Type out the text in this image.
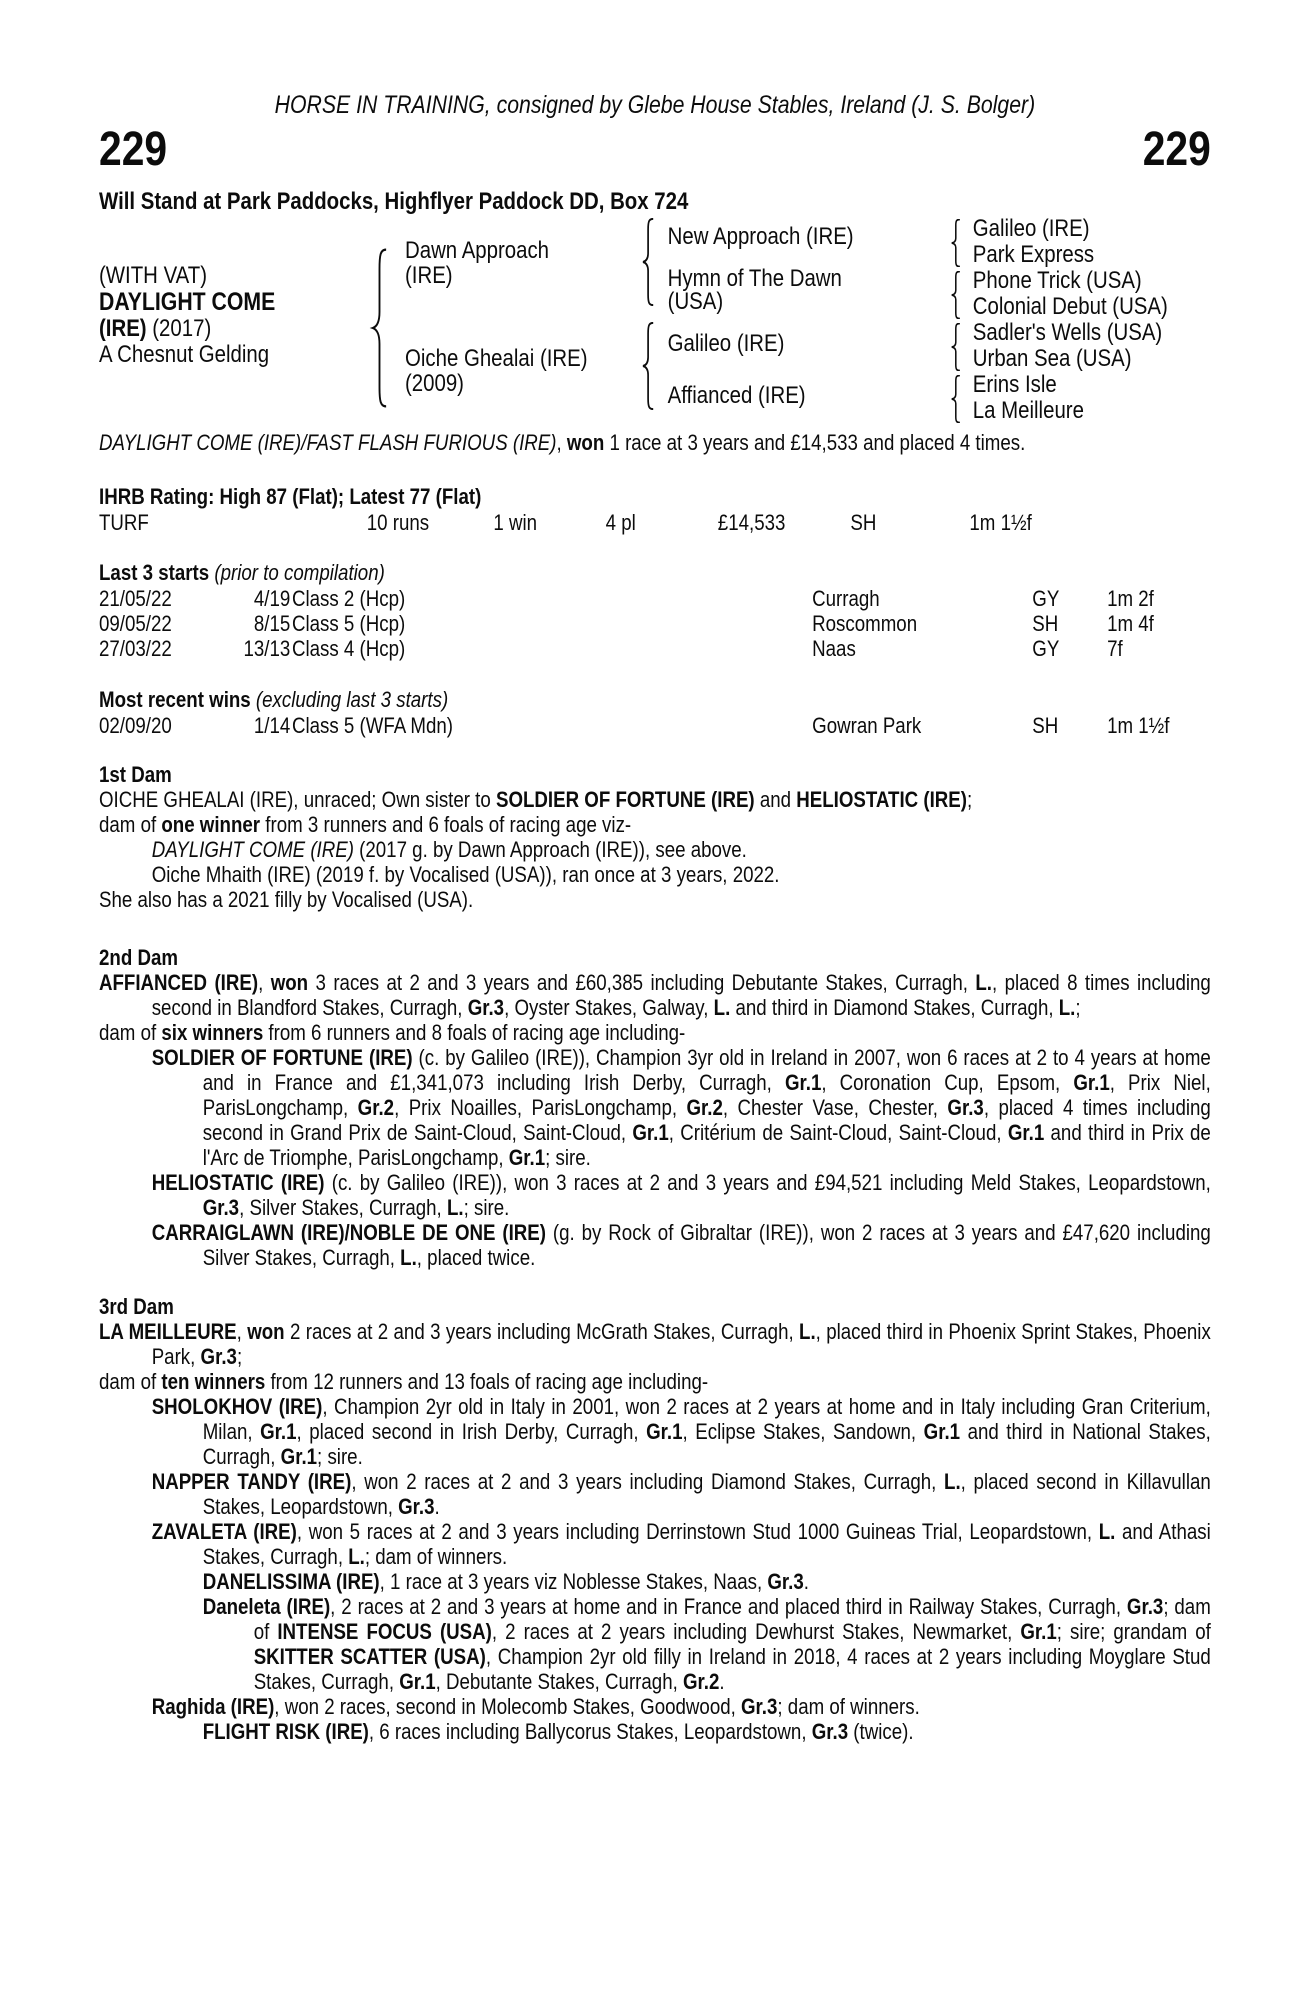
HORSE IN TRAINING, consigned by Glebe House Stables, Ireland (J. S. Bolger)
229	229
Will Stand at Park Paddocks, Highflyer Paddock DD, Box 724
(WITH VAT)
DAYLIGHT COME
(IRE) (2017)
A Chesnut Gelding
Dawn Approach
(IRE)
Oiche Ghealai (IRE)
(2009)
New Approach (IRE)
Hymn of The Dawn
(USA)
Galileo (IRE)
Affianced (IRE)
Galileo (IRE)
Park Express
Phone Trick (USA)
Colonial Debut (USA)
Sadler's Wells (USA)
Urban Sea (USA)
Erins Isle
La Meilleure
DAYLIGHT COME (IRE)/FAST FLASH FURIOUS (IRE), won 1 race at 3 years and £14,533 and placed 4 times.
IHRB Rating: High 87 (Flat); Latest 77 (Flat)
TURF	10 runs	1 win	4 pl	£14,533	SH	1m 1½f
Last 3 starts (prior to compilation)
21/05/22	4/19 Class 2 (Hcp)	Curragh	GY 1m 2f
09/05/22	8/15 Class 5 (Hcp)	Roscommon	SH 1m 4f
27/03/22	13/13 Class 4 (Hcp)	Naas	GY 7f
Most recent wins (excluding last 3 starts)
02/09/20	1/14 Class 5 (WFA Mdn)	Gowran Park	SH 1m 1½f
1st Dam

OICHE GHEALAI (IRE), unraced; Own sister to SOLDIER OF FORTUNE (IRE) and HELIOSTATIC (IRE);

dam of one winner from 3 runners and 6 foals of racing age viz-

DAYLIGHT COME (IRE) (2017 g. by Dawn Approach (IRE)), see above.

Oiche Mhaith (IRE) (2019 f. by Vocalised (USA)), ran once at 3 years, 2022.

She also has a 2021 filly by Vocalised (USA).

2nd Dam

AFFIANCED (IRE), won 3 races at 2 and 3 years and £60,385 including Debutante Stakes, Curragh, L., placed 8 times including second in Blandford Stakes, Curragh, Gr.3, Oyster Stakes, Galway, L. and third in Diamond Stakes, Curragh, L.;

dam of six winners from 6 runners and 8 foals of racing age including-

SOLDIER OF FORTUNE (IRE) (c. by Galileo (IRE)), Champion 3yr old in Ireland in 2007, won 6 races at 2 to 4 years at home and in France and £1,341,073 including Irish Derby, Curragh, Gr.1, Coronation Cup, Epsom, Gr.1, Prix Niel, ParisLongchamp, Gr.2, Prix Noailles, ParisLongchamp, Gr.2, Chester Vase, Chester, Gr.3, placed 4 times including second in Grand Prix de Saint-Cloud, Saint-Cloud, Gr.1, Critérium de Saint-Cloud, Saint-Cloud, Gr.1 and third in Prix de l'Arc de Triomphe, ParisLongchamp, Gr.1; sire.

HELIOSTATIC (IRE) (c. by Galileo (IRE)), won 3 races at 2 and 3 years and £94,521 including Meld Stakes, Leopardstown, Gr.3, Silver Stakes, Curragh, L.; sire.

CARRAIGLAWN (IRE)/NOBLE DE ONE (IRE) (g. by Rock of Gibraltar (IRE)), won 2 races at 3 years and £47,620 including Silver Stakes, Curragh, L., placed twice.

3rd Dam

LA MEILLEURE, won 2 races at 2 and 3 years including McGrath Stakes, Curragh, L., placed third in Phoenix Sprint Stakes, Phoenix Park, Gr.3;

dam of ten winners from 12 runners and 13 foals of racing age including-

SHOLOKHOV (IRE), Champion 2yr old in Italy in 2001, won 2 races at 2 years at home and in Italy including Gran Criterium, Milan, Gr.1, placed second in Irish Derby, Curragh, Gr.1, Eclipse Stakes, Sandown, Gr.1 and third in National Stakes, Curragh, Gr.1; sire.

NAPPER TANDY (IRE), won 2 races at 2 and 3 years including Diamond Stakes, Curragh, L., placed second in Killavullan Stakes, Leopardstown, Gr.3.

ZAVALETA (IRE), won 5 races at 2 and 3 years including Derrinstown Stud 1000 Guineas Trial, Leopardstown, L. and Athasi Stakes, Curragh, L.; dam of winners.

DANELISSIMA (IRE), 1 race at 3 years viz Noblesse Stakes, Naas, Gr.3.

Daneleta (IRE), 2 races at 2 and 3 years at home and in France and placed third in Railway Stakes, Curragh, Gr.3; dam of INTENSE FOCUS (USA), 2 races at 2 years including Dewhurst Stakes, Newmarket, Gr.1; sire; grandam of SKITTER SCATTER (USA), Champion 2yr old filly in Ireland in 2018, 4 races at 2 years including Moyglare Stud Stakes, Curragh, Gr.1, Debutante Stakes, Curragh, Gr.2.

Raghida (IRE), won 2 races, second in Molecomb Stakes, Goodwood, Gr.3; dam of winners.

FLIGHT RISK (IRE), 6 races including Ballycorus Stakes, Leopardstown, Gr.3 (twice).
